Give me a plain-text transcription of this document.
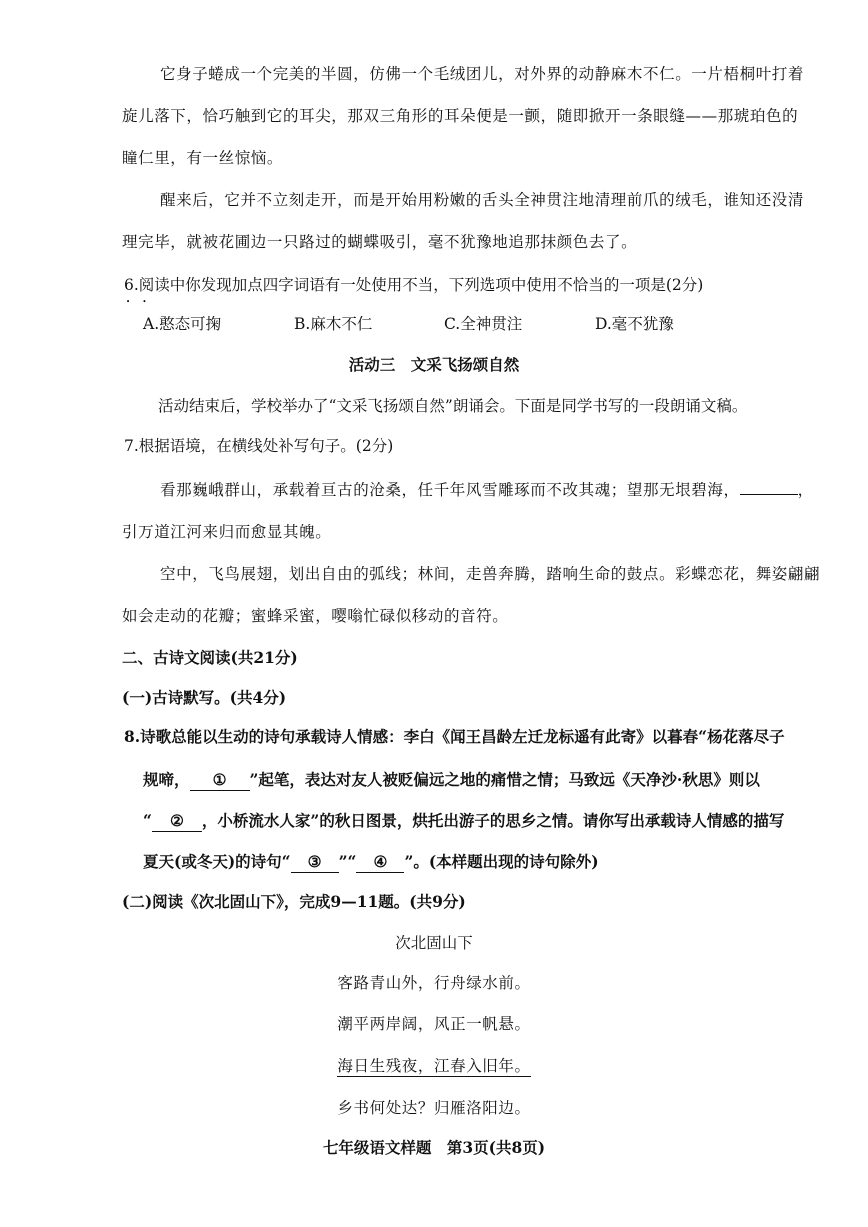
它身子蜷成一个完美的半圆，仿佛一个毛绒团儿，对外界的动静麻木不仁。一片梧桐叶打着
旋儿落下，恰巧触到它的耳尖，那双三角形的耳朵便是一颤，随即掀开一条眼缝——那琥珀色的
瞳仁里，有一丝惊恼。
醒来后，它并不立刻走开，而是开始用粉嫩的舌头全神贯注地清理前爪的绒毛，谁知还没清
理完毕，就被花圃边一只路过的蝴蝶吸引，毫不犹豫地追那抹颜色去了。
6.阅读中你发现加点四字词语有一处使用不当，下列选项中使用不恰当 • •的一项是(2分)
A.憨态可掬	B.麻木不仁	C.全神贯注	D.毫不犹豫
活动三　文采飞扬颂自然
活动结束后，学校举办了“文采飞扬颂自然”朗诵会。下面是同学书写的一段朗诵文稿。
7.根据语境，在横线处补写句子。(2分)
看那巍峨群山，承载着亘古的沧桑，任千年风雪雕琢而不改其魂；望那无垠碧海，	，
引万道江河来归而愈显其魄。
空中，飞鸟展翅，划出自由的弧线；林间，走兽奔腾，踏响生命的鼓点。彩蝶恋花，舞姿翩翩
如会走动的花瓣；蜜蜂采蜜，嘤嗡忙碌似移动的音符。
二、古诗文阅读(共21分)
(一)古诗默写。(共4分)
8.诗歌总能以生动的诗句承载诗人情感：李白《闻王昌龄左迁龙标遥有此寄》以暮春“杨花落尽子
规啼， ① ”起笔，表达对友人被贬偏远之地的痛惜之情；马致远《天净沙·秋思》则以
“ ② ，小桥流水人家”的秋日图景，烘托出游子的思乡之情。请你写出承载诗人情感的描写
夏天(或冬天)的诗句“ ③ ”“ ④ ”。(本样题出现的诗句除外)
(二)阅读《次北固山下》，完成9—11题。(共9分)
次北固山下
客路青山外，行舟绿水前。
潮平两岸阔，风正一帆悬。
海日生残夜，江春入旧年。
乡书何处达？归雁洛阳边。
七年级语文样题　第3页(共8页)
